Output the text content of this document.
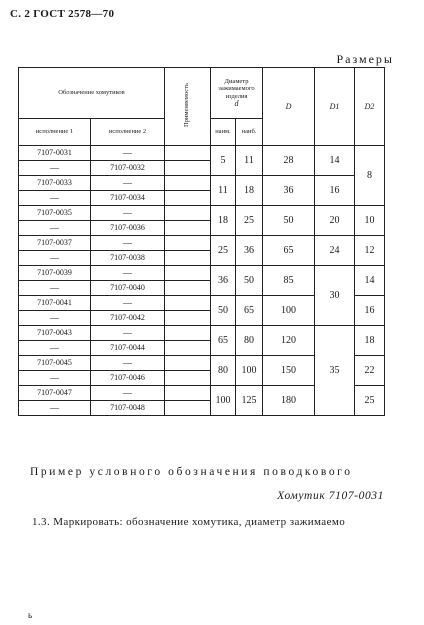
С. 2 ГОСТ 2578—70
Размеры
Обозначение хомутиков		Применяемость	Диаметр зажимаемого изделия
d		D	D1	D2
исполнение 1	исполнение 2		наим.	наиб.			
7107-0031	—		5	11	28	14	8
—	7107-0032						
7107-0033	—		11	18	36	16	
—	7107-0034						
7107-0035	—		18	25	50	20	10
—	7107-0036						
7107-0037	—		25	36	65	24	12
—	7107-0038						
7107-0039	—		36	50	85	30	14
—	7107-0040						
7107-0041	—		50	65	100		16
—	7107-0042						
7107-0043	—		65	80	120	35	18
—	7107-0044						
7107-0045	—		80	100	150		22
—	7107-0046						
7107-0047	—		100	125	180		25
—	7107-0048						
Пример условного обозначения поводкового
Хомутик 7107-0031
1.3. Маркировать: обозначение хомутика, диаметр зажимаемо
ь
